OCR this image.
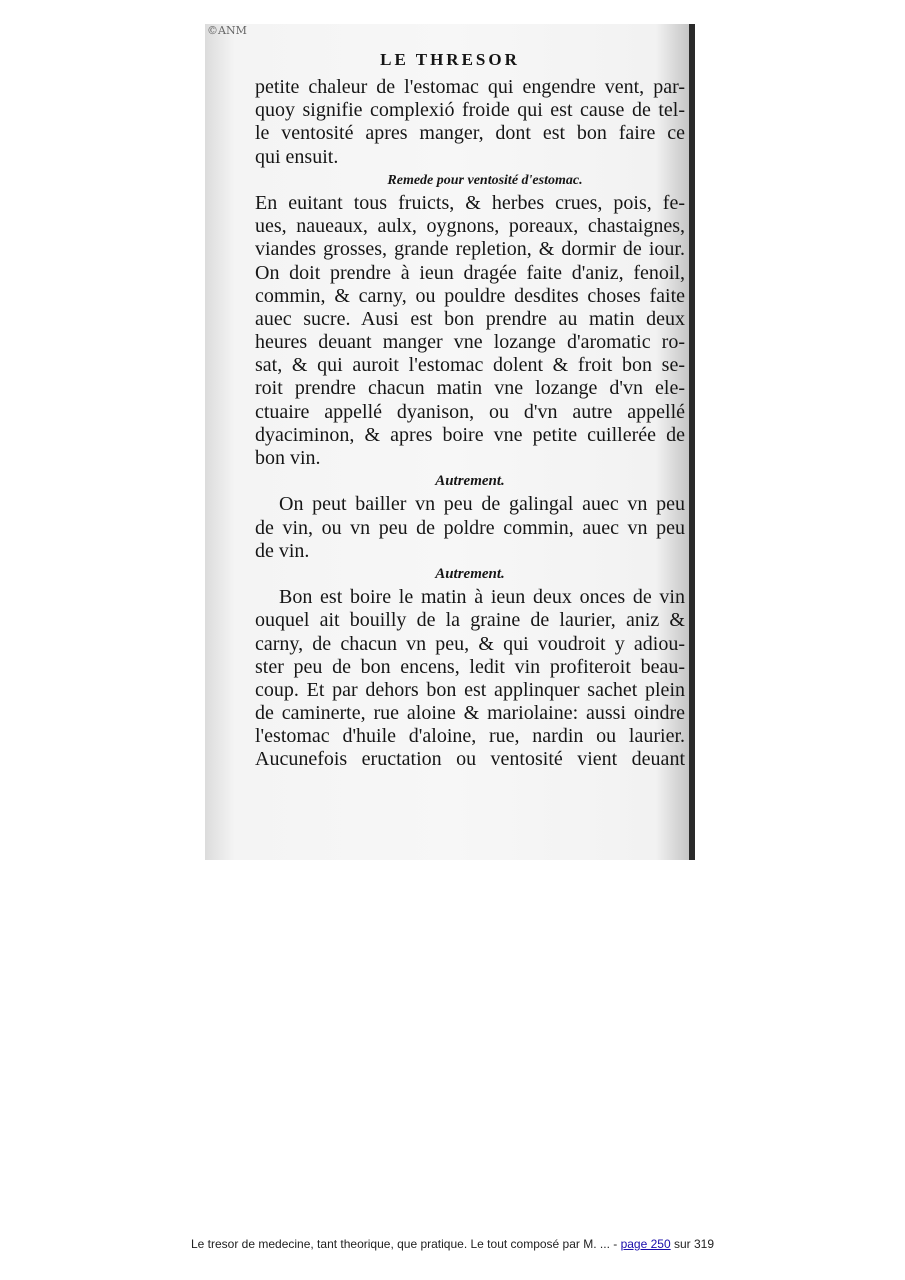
©ANM
LE THRESOR
petite chaleur de l'estomac qui engendre vent, par-
quoy signifie complexió froide qui est cause de tel-
le ventosité apres manger, dont est bon faire ce
qui ensuit.
Remede pour ventosité d'estomac.
En euitant tous fruicts, & herbes crues, pois, fe-
ues, naueaux, aulx, oygnons, poreaux, chastaignes,
viandes grosses, grande repletion, & dormir de iour.
On doit prendre à ieun dragée faite d'aniz, fenoil,
commin, & carny, ou pouldre desdites choses faite
auec sucre. Ausi est bon prendre au matin deux
heures deuant manger vne lozange d'aromatic ro-
sat, & qui auroit l'estomac dolent & froit bon se-
roit prendre chacun matin vne lozange d'vn ele-
ctuaire appellé dyanison, ou d'vn autre appellé
dyaciminon, & apres boire vne petite cuillerée de
bon vin.
Autrement.
On peut bailler vn peu de galingal auec vn peu
de vin, ou vn peu de poldre commin, auec vn peu
de vin.
Autrement.
Bon est boire le matin à ieun deux onces de vin
ouquel ait bouilly de la graine de laurier, aniz &
carny, de chacun vn peu, & qui voudroit y adiou-
ster peu de bon encens, ledit vin profiteroit beau-
coup. Et par dehors bon est applinquer sachet plein
de caminerte, rue aloine & mariolaine: aussi oindre
l'estomac d'huile d'aloine, rue, nardin ou laurier.
Aucunefois eructation ou ventosité vient deuant
Le tresor de medecine, tant theorique, que pratique. Le tout composé par M. ... - page 250 sur 319
